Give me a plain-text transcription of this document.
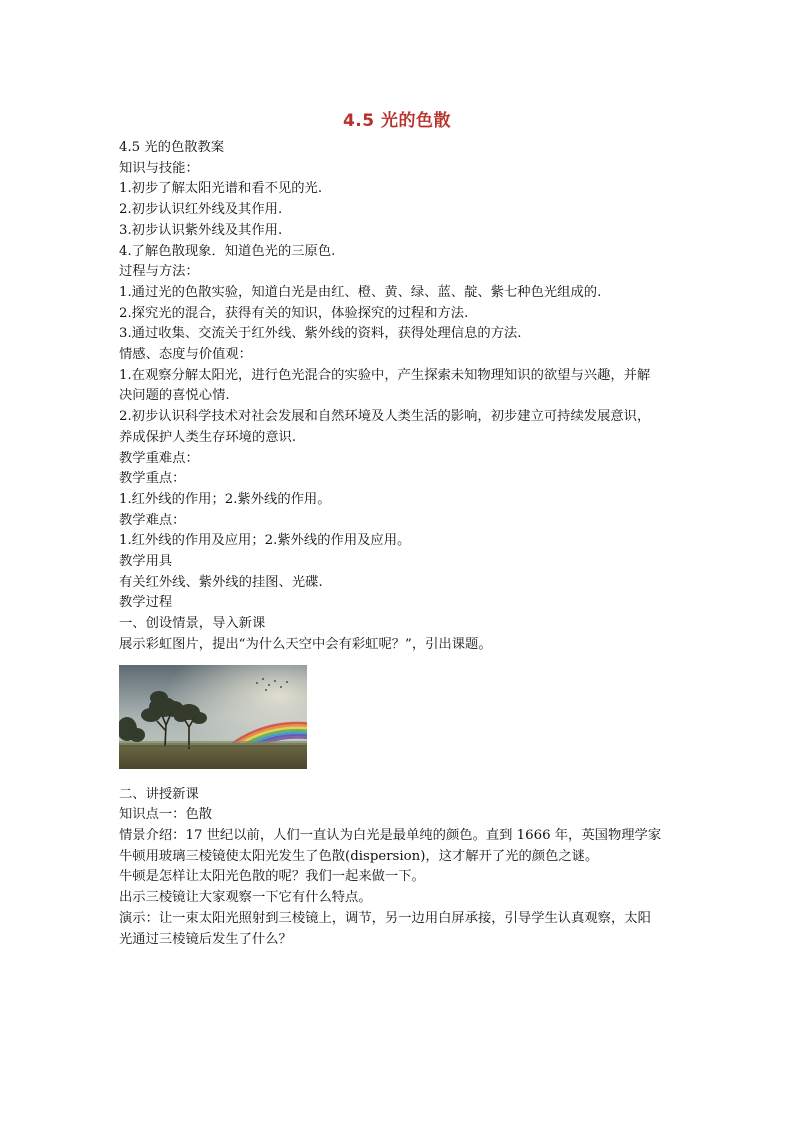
4.5 光的色散
4.5 光的色散教案
知识与技能：
1.初步了解太阳光谱和看不见的光.
2.初步认识红外线及其作用.
3.初步认识紫外线及其作用.
4.了解色散现象．知道色光的三原色.
过程与方法：
1.通过光的色散实验，知道白光是由红、橙、黄、绿、蓝、靛、紫七种色光组成的.
2.探究光的混合，获得有关的知识，体验探究的过程和方法.
3.通过收集、交流关于红外线、紫外线的资料，获得处理信息的方法.
情感、态度与价值观：
1.在观察分解太阳光，进行色光混合的实验中，产生探索未知物理知识的欲望与兴趣，并解
决问题的喜悦心情.
2.初步认识科学技术对社会发展和自然环境及人类生活的影响，初步建立可持续发展意识，
养成保护人类生存环境的意识.
教学重难点：
教学重点：
1.红外线的作用；2.紫外线的作用。
教学难点：
1.红外线的作用及应用；2.紫外线的作用及应用。
教学用具
有关红外线、紫外线的挂图、光碟.
教学过程
一、创设情景，导入新课
展示彩虹图片，提出“为什么天空中会有彩虹呢？”，引出课题。
二、讲授新课
知识点一：色散
情景介绍：17 世纪以前，人们一直认为白光是最单纯的颜色。直到 1666 年，英国物理学家
牛顿用玻璃三棱镜使太阳光发生了色散(dispersion)，这才解开了光的颜色之谜。
牛顿是怎样让太阳光色散的呢？我们一起来做一下。
出示三棱镜让大家观察一下它有什么特点。
演示：让一束太阳光照射到三棱镜上，调节，另一边用白屏承接，引导学生认真观察，太阳
光通过三棱镜后发生了什么？
